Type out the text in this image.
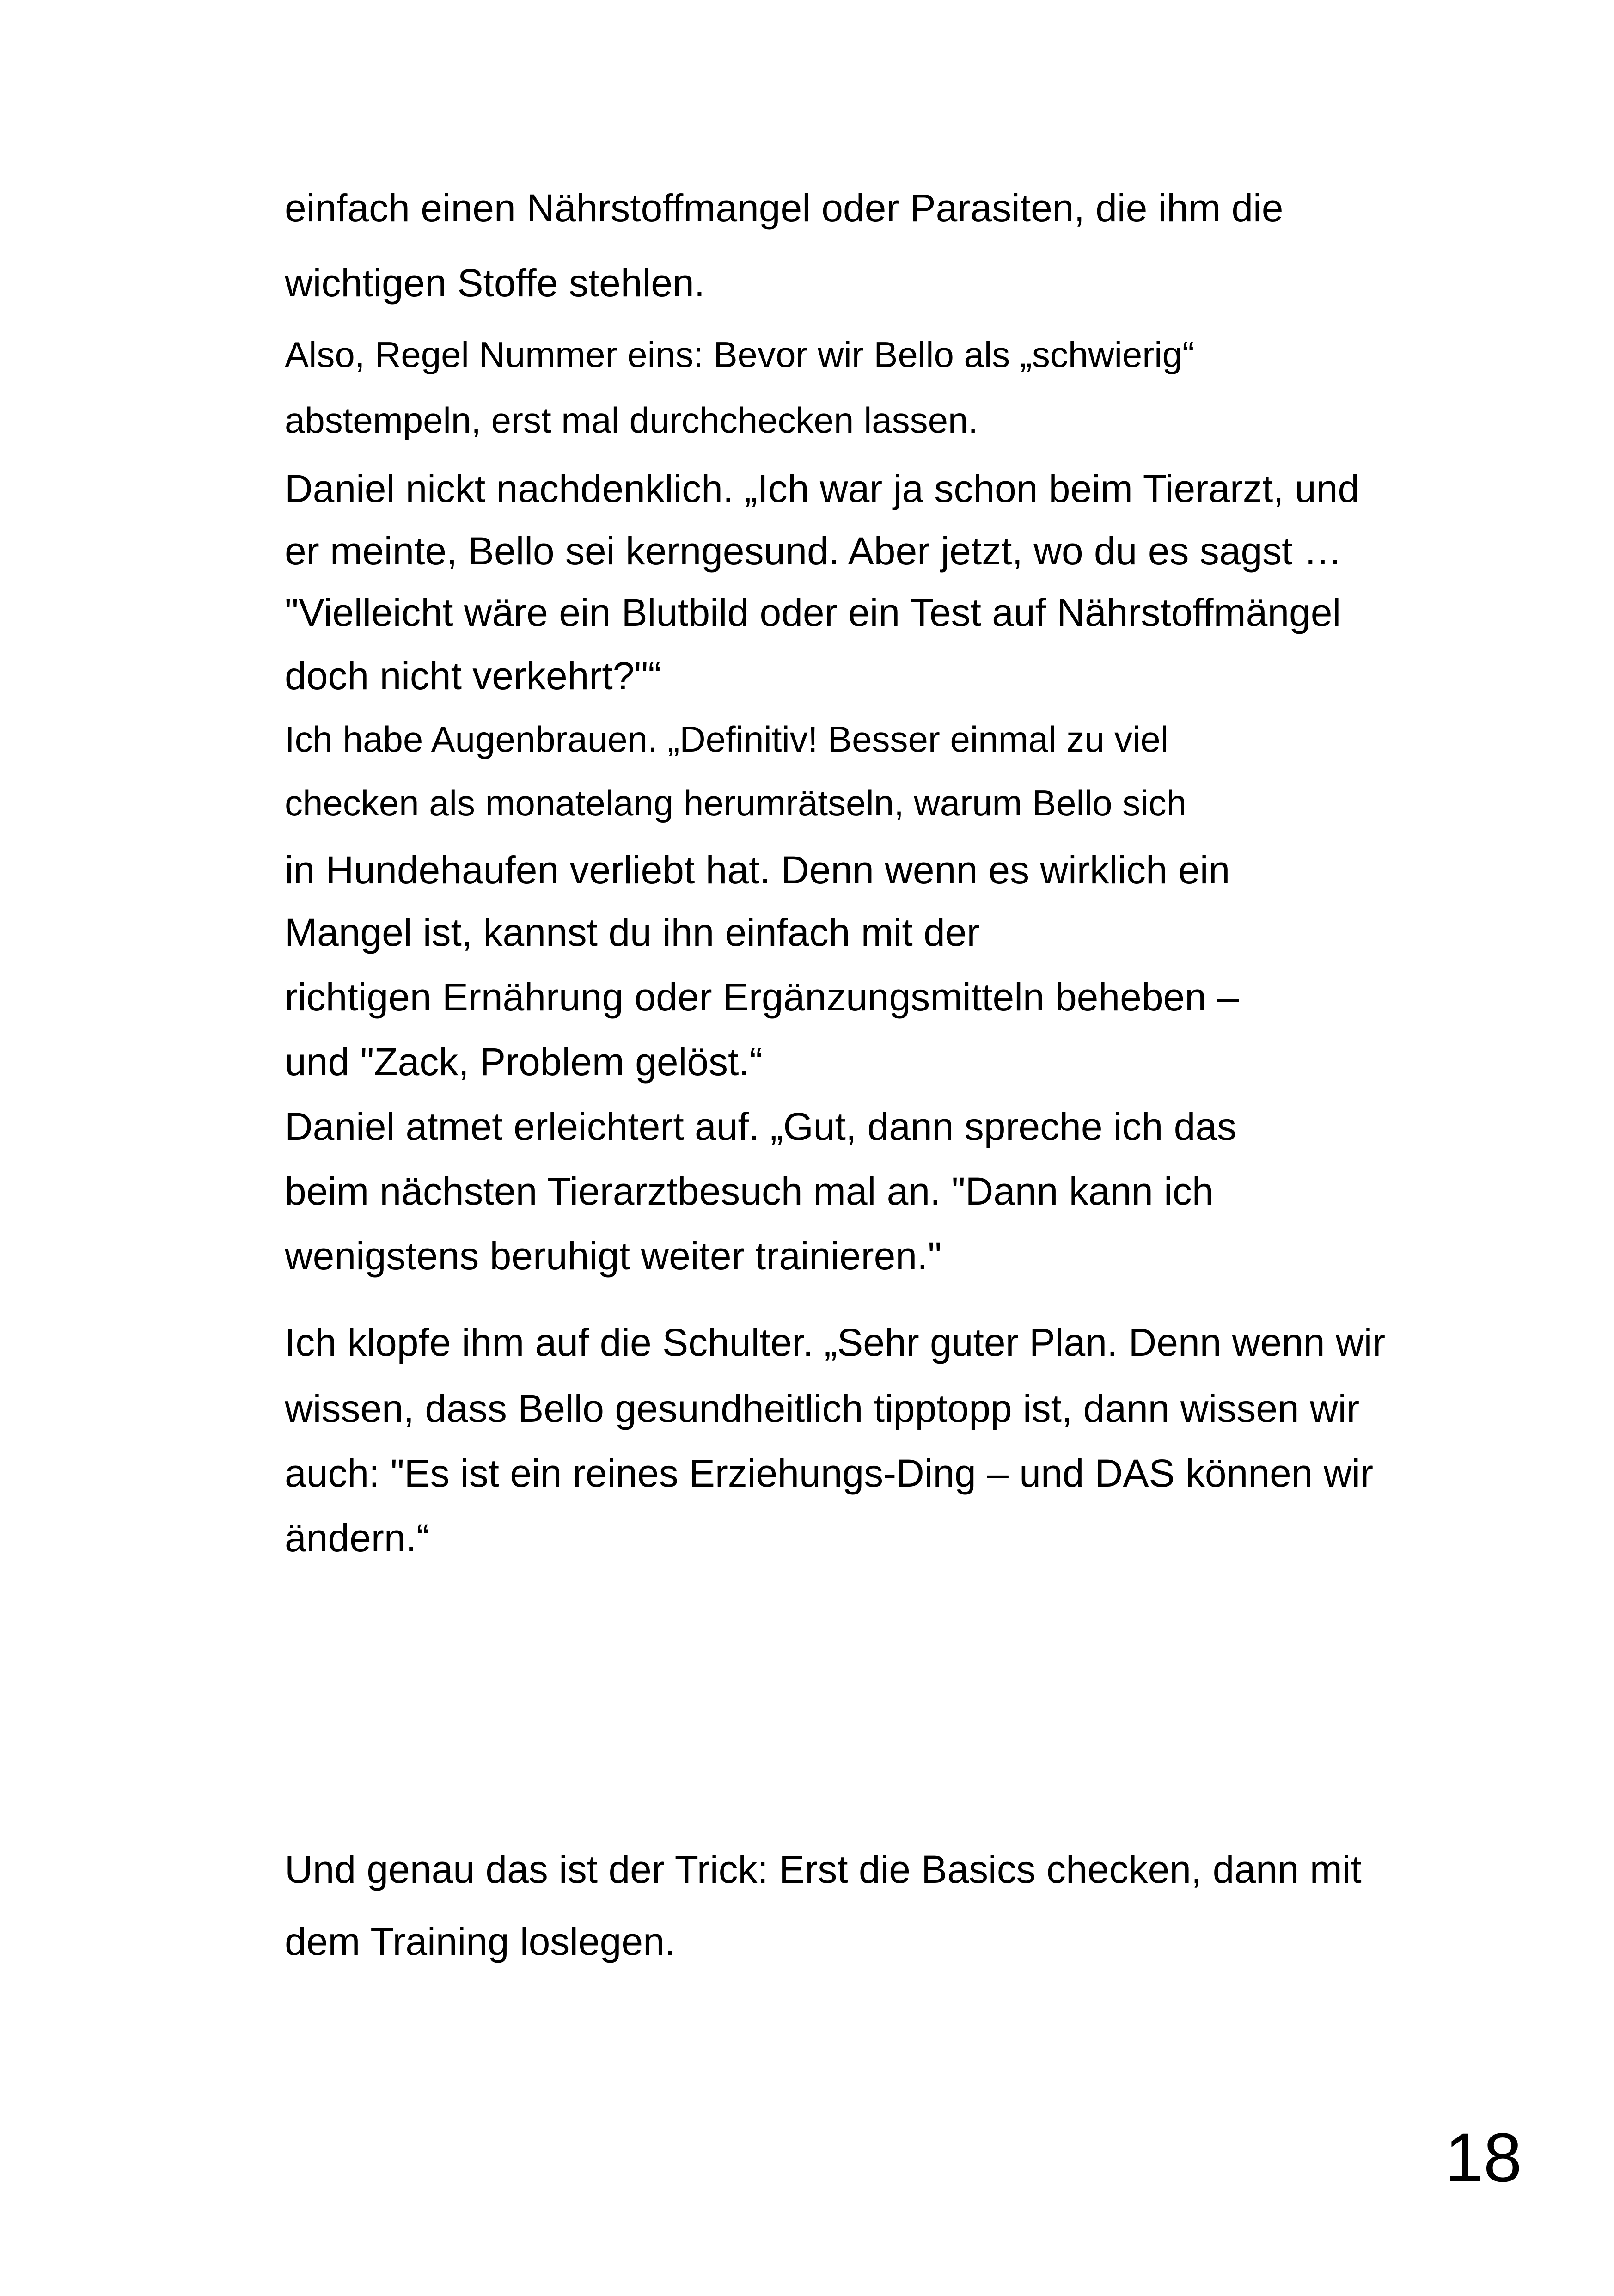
einfach einen Nährstoffmangel oder Parasiten, die ihm die
wichtigen Stoffe stehlen.
Also, Regel Nummer eins: Bevor wir Bello als „schwierig“
abstempeln, erst mal durchchecken lassen.
Daniel nickt nachdenklich. „Ich war ja schon beim Tierarzt, und
er meinte, Bello sei kerngesund. Aber jetzt, wo du es sagst …
"Vielleicht wäre ein Blutbild oder ein Test auf Nährstoffmängel
doch nicht verkehrt?"“
Ich habe Augenbrauen. „Definitiv! Besser einmal zu viel
checken als monatelang herumrätseln, warum Bello sich
in Hundehaufen verliebt hat. Denn wenn es wirklich ein
Mangel ist, kannst du ihn einfach mit der
richtigen Ernährung oder Ergänzungsmitteln beheben –
und "Zack, Problem gelöst.“
Daniel atmet erleichtert auf. „Gut, dann spreche ich das
beim nächsten Tierarztbesuch mal an. "Dann kann ich
wenigstens beruhigt weiter trainieren."
Ich klopfe ihm auf die Schulter. „Sehr guter Plan. Denn wenn wir
wissen, dass Bello gesundheitlich tipptopp ist, dann wissen wir
auch: "Es ist ein reines Erziehungs-Ding – und DAS können wir
ändern.“
Und genau das ist der Trick: Erst die Basics checken, dann mit
dem Training loslegen.
18
